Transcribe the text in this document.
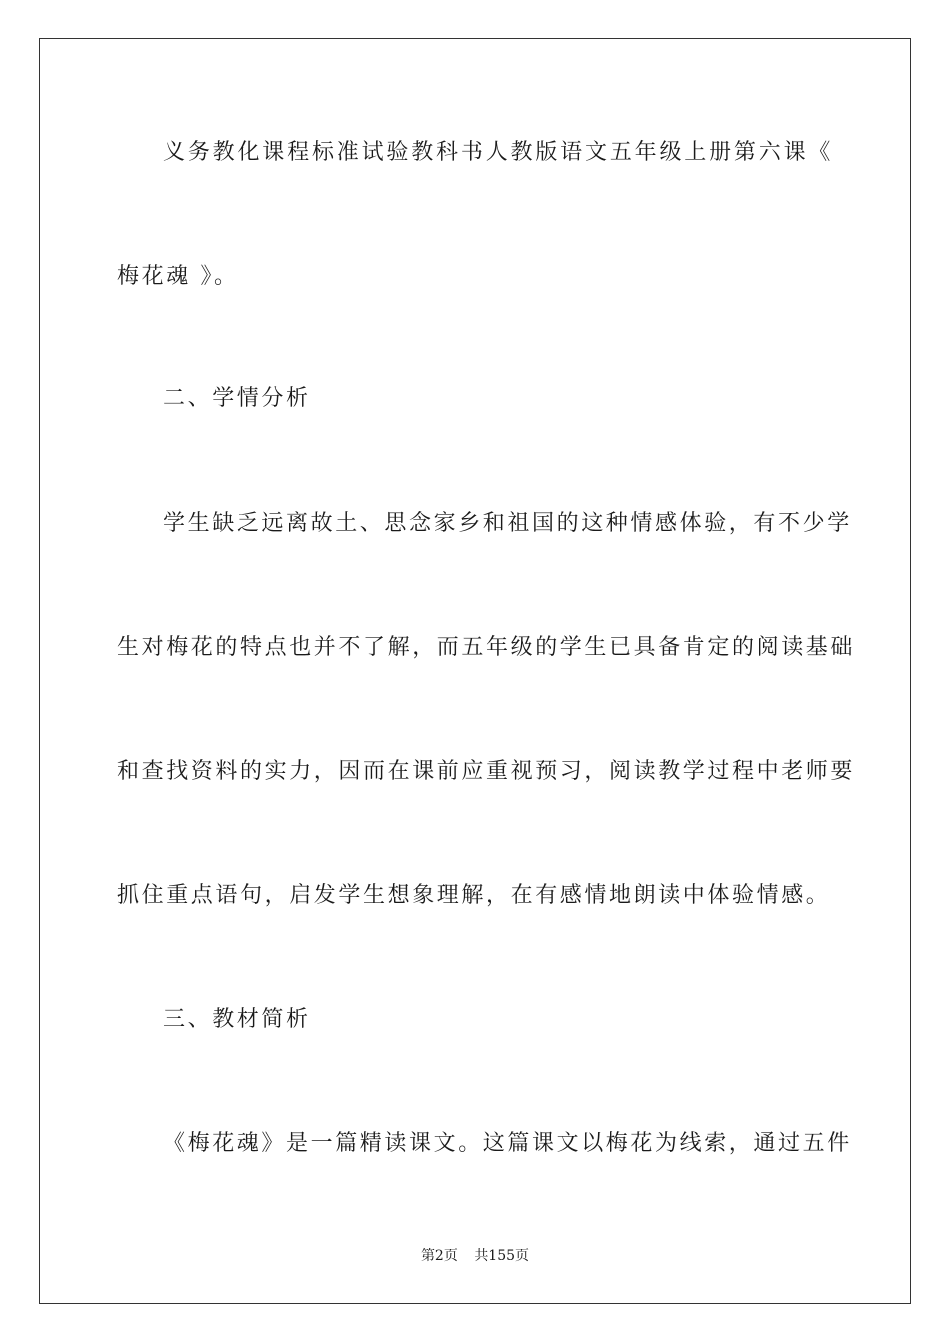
义务教化课程标准试验教科书人教版语文五年级上册第六课《
梅花魂 》。
二、学情分析
学生缺乏远离故土、思念家乡和祖国的这种情感体验，有不少学
生对梅花的特点也并不了解，而五年级的学生已具备肯定的阅读基础
和查找资料的实力，因而在课前应重视预习，阅读教学过程中老师要
抓住重点语句，启发学生想象理解，在有感情地朗读中体验情感。
三、教材简析
《梅花魂》是一篇精读课文。这篇课文以梅花为线索，通过五件
第2页 共155页
